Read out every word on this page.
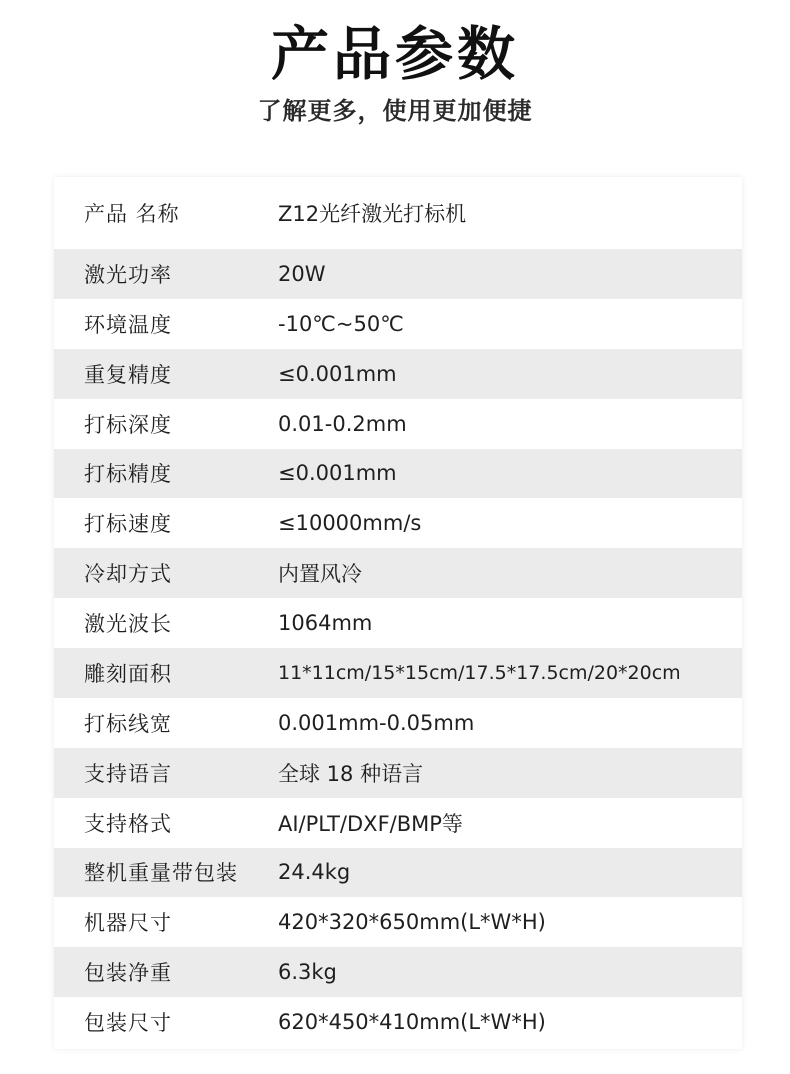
产品参数
了解更多，使用更加便捷
产品 名称	Z12光纤激光打标机
激光功率	20W
环境温度	-10℃~50℃
重复精度	≤0.001mm
打标深度	0.01-0.2mm
打标精度	≤0.001mm
打标速度	≤10000mm/s
冷却方式	内置风冷
激光波长	1064mm
雕刻面积	11*11cm/15*15cm/17.5*17.5cm/20*20cm
打标线宽	0.001mm-0.05mm
支持语言	全球 18 种语言
支持格式	AI/PLT/DXF/BMP等
整机重量带包装 24.4kg
机器尺寸	420*320*650mm(L*W*H)
包装净重	6.3kg
包装尺寸	620*450*410mm(L*W*H)
